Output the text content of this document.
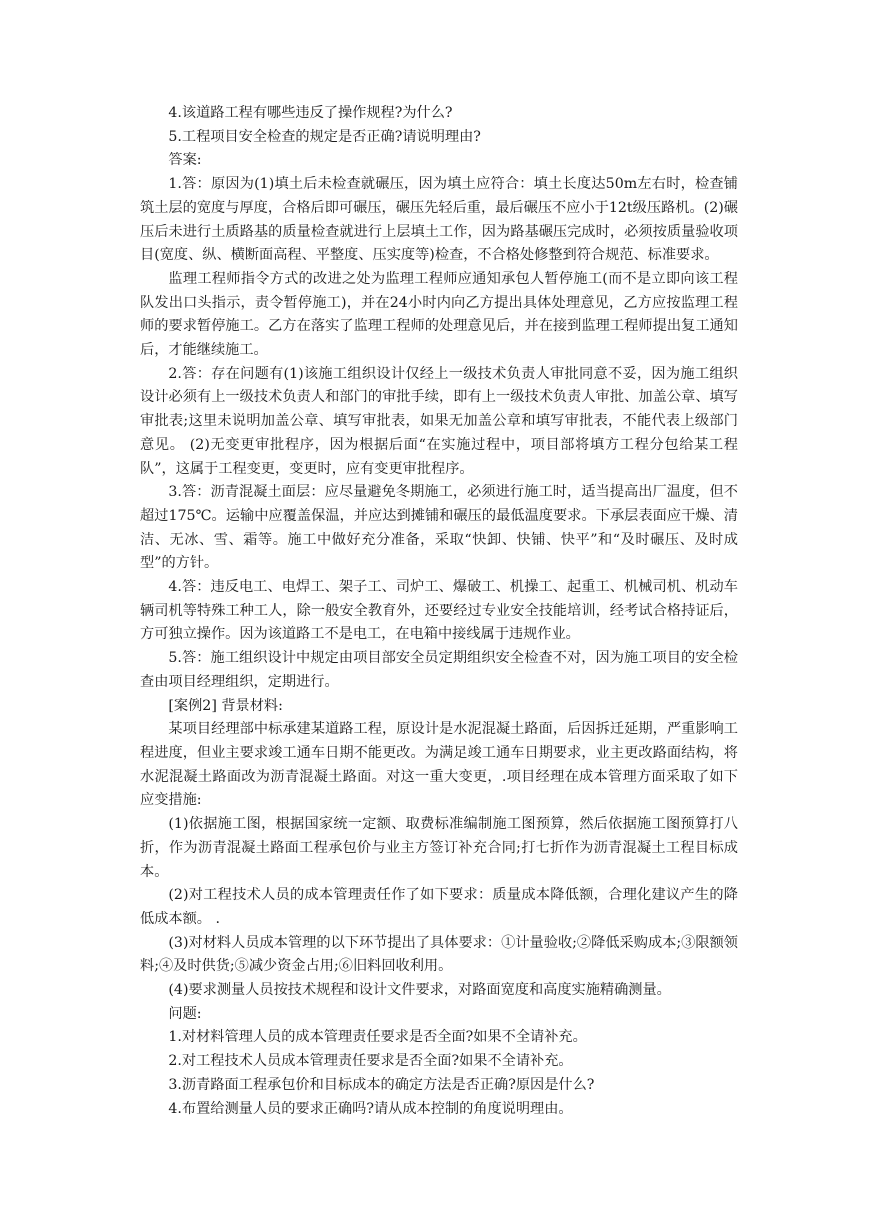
4.该道路工程有哪些违反了操作规程?为什么?

5.工程项目安全检查的规定是否正确?请说明理由?

答案:

1.答：原因为(1)填土后未检查就碾压，因为填土应符合：填土长度达50m左右时，检查铺筑土层的宽度与厚度，合格后即可碾压，碾压先轻后重，最后碾压不应小于12t级压路机。(2)碾压后未进行土质路基的质量检查就进行上层填土工作，因为路基碾压完成时，必须按质量验收项目(宽度、纵、横断面高程、平整度、压实度等)检查，不合格处修整到符合规范、标准要求。

监理工程师指令方式的改进之处为监理工程师应通知承包人暂停施工(而不是立即向该工程队发出口头指示，责令暂停施工)，并在24小时内向乙方提出具体处理意见，乙方应按监理工程师的要求暂停施工。乙方在落实了监理工程师的处理意见后，并在接到监理工程师提出复工通知后，才能继续施工。

2.答：存在问题有(1)该施工组织设计仅经上一级技术负责人审批同意不妥，因为施工组织设计必须有上一级技术负责人和部门的审批手续，即有上一级技术负责人审批、加盖公章、填写审批表;这里未说明加盖公章、填写审批表，如果无加盖公章和填写审批表，不能代表上级部门意见。 (2)无变更审批程序，因为根据后面“在实施过程中，项目部将填方工程分包给某工程队”，这属于工程变更，变更时，应有变更审批程序。

3.答：沥青混凝土面层：应尽量避免冬期施工，必须进行施工时，适当提高出厂温度，但不超过175℃。运输中应覆盖保温，并应达到摊铺和碾压的最低温度要求。下承层表面应干燥、清洁、无冰、雪、霜等。施工中做好充分准备，采取“快卸、快铺、快平”和“及时碾压、及时成型”的方针。

4.答：违反电工、电焊工、架子工、司炉工、爆破工、机操工、起重工、机械司机、机动车辆司机等特殊工种工人，除一般安全教育外，还要经过专业安全技能培训，经考试合格持证后，方可独立操作。因为该道路工不是电工，在电箱中接线属于违规作业。

5.答：施工组织设计中规定由项目部安全员定期组织安全检查不对，因为施工项目的安全检查由项目经理组织，定期进行。

[案例2] 背景材料:

某项目经理部中标承建某道路工程，原设计是水泥混凝土路面，后因拆迁延期，严重影响工程进度，但业主要求竣工通车日期不能更改。为满足竣工通车日期要求，业主更改路面结构，将水泥混凝土路面改为沥青混凝土路面。对这一重大变更，.项目经理在成本管理方面采取了如下应变措施:

(1)依据施工图，根据国家统一定额、取费标准编制施工图预算，然后依据施工图预算打八折，作为沥青混凝土路面工程承包价与业主方签订补充合同;打七折作为沥青混凝土工程目标成本。

(2)对工程技术人员的成本管理责任作了如下要求：质量成本降低额，合理化建议产生的降低成本额。 .

(3)对材料人员成本管理的以下环节提出了具体要求：①计量验收;②降低采购成本;③限额领料;④及时供货;⑤减少资金占用;⑥旧料回收利用。

(4)要求测量人员按技术规程和设计文件要求，对路面宽度和高度实施精确测量。

问题:

1.对材料管理人员的成本管理责任要求是否全面?如果不全请补充。

2.对工程技术人员成本管理责任要求是否全面?如果不全请补充。

3.沥青路面工程承包价和目标成本的确定方法是否正确?原因是什么?

4.布置给测量人员的要求正确吗?请从成本控制的角度说明理由。
